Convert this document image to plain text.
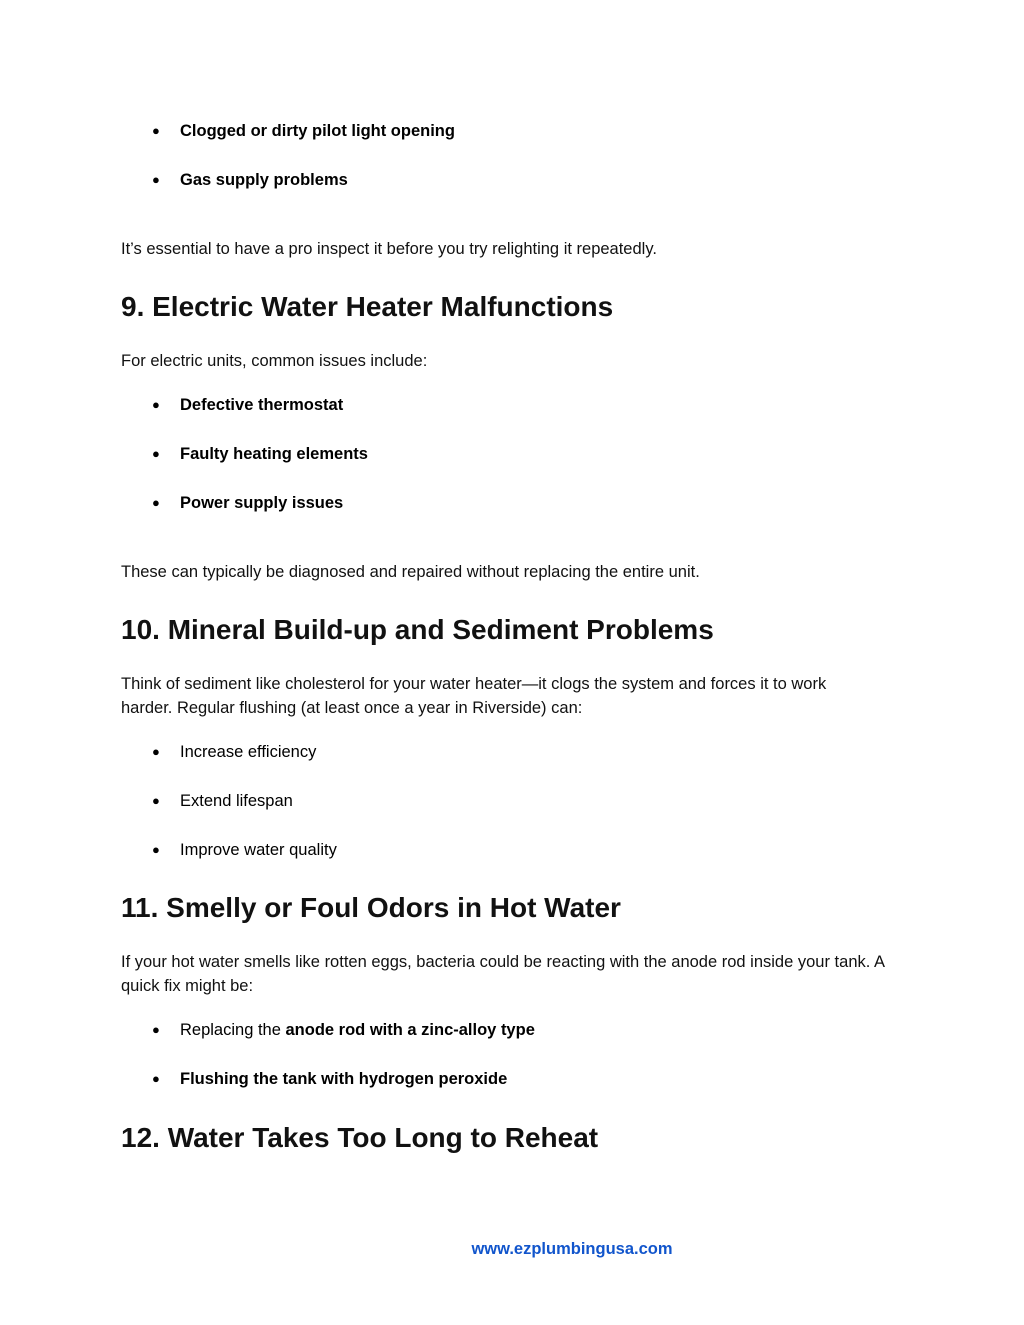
● Clogged or dirty pilot light opening
● Gas supply problems
It’s essential to have a pro inspect it before you try relighting it repeatedly.
9. Electric Water Heater Malfunctions
For electric units, common issues include:
● Defective thermostat
● Faulty heating elements
● Power supply issues
These can typically be diagnosed and repaired without replacing the entire unit.
10. Mineral Build-up and Sediment Problems
Think of sediment like cholesterol for your water heater—it clogs the system and forces it to work harder. Regular flushing (at least once a year in Riverside) can:
● Increase efficiency
● Extend lifespan
● Improve water quality
11. Smelly or Foul Odors in Hot Water
If your hot water smells like rotten eggs, bacteria could be reacting with the anode rod inside your tank. A quick fix might be:
● Replacing the anode rod with a zinc-alloy type
● Flushing the tank with hydrogen peroxide
12. Water Takes Too Long to Reheat
www.ezplumbingusa.com
